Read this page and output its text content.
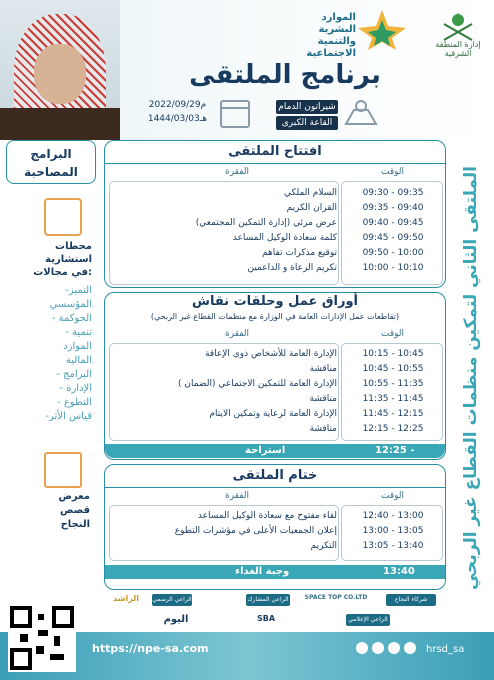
إدارة المنطقة الشرقية
الموارد البشرية
والتنمية الاجتماعية
برنامج الملتقى
2022/09/29م
1444/03/03هـ
شيراتون الدمام
القاعة الكبرى
الملتقى الثاني لتمكين منظمات القطاع غير الربحي
البرامج
المصاحبة
محطات
استشارية
في مجالات:
-التميز
المؤسسي
- الحوكمة
- تنمية
الموارد
المالية
- البرامج
- الإدارة
- التطوع
-قياس الأثر
معرض
قصص
النجاح
افتتاح الملتقى
الوقت
الفقرة
09:30 - 09:35
السلام الملكي
09:35 - 09:40
القران الكريم
09:40 - 09:45
عرض مرئي (إدارة التمكين المجتمعي)
09:45 - 09:50
كلمة سعادة الوكيل المساعد
09:50 - 10:00
توقيع مذكرات تفاهم
10:00 - 10:10
تكريم الرعاة و الداعمين
أوراق عمل وحلقات نقاش
(تقاطعات عمل الإدارات العامة في الوزارة مع منظمات القطاع غير الربحي)
الوقت
الفقرة
10:15 - 10:45
الإدارة العامة للأشخاص ذوي الإعاقة
10:45 - 10:55
مناقشة
10:55 - 11:35
الإدارة العامة للتمكين الاجتماعي (الضمان )
11:35 - 11:45
مناقشة
11:45 - 12:15
الإدارة العامة لرعاية وتمكين الايتام
12:15 - 12:25
مناقشة
12:25 -
استراحة
ختام الملتقى
الوقت
الفقرة
12:40 - 13:00
لقاء مفتوح مع سعادة الوكيل المساعد
13:00 - 13:05
إعلان الجمعيات الأعلى في مؤشرات التطوع
13:05 - 13:40
التكريم
13:40
وجبة الغداء
شركاء النجاح
SPACE TOP CO.LTD
الراعي المشارك
الراعي الرسمي
الراشد
الراعي الإعلامي
SBA
اليوم
https://npe-sa.com	hrsd_sa
